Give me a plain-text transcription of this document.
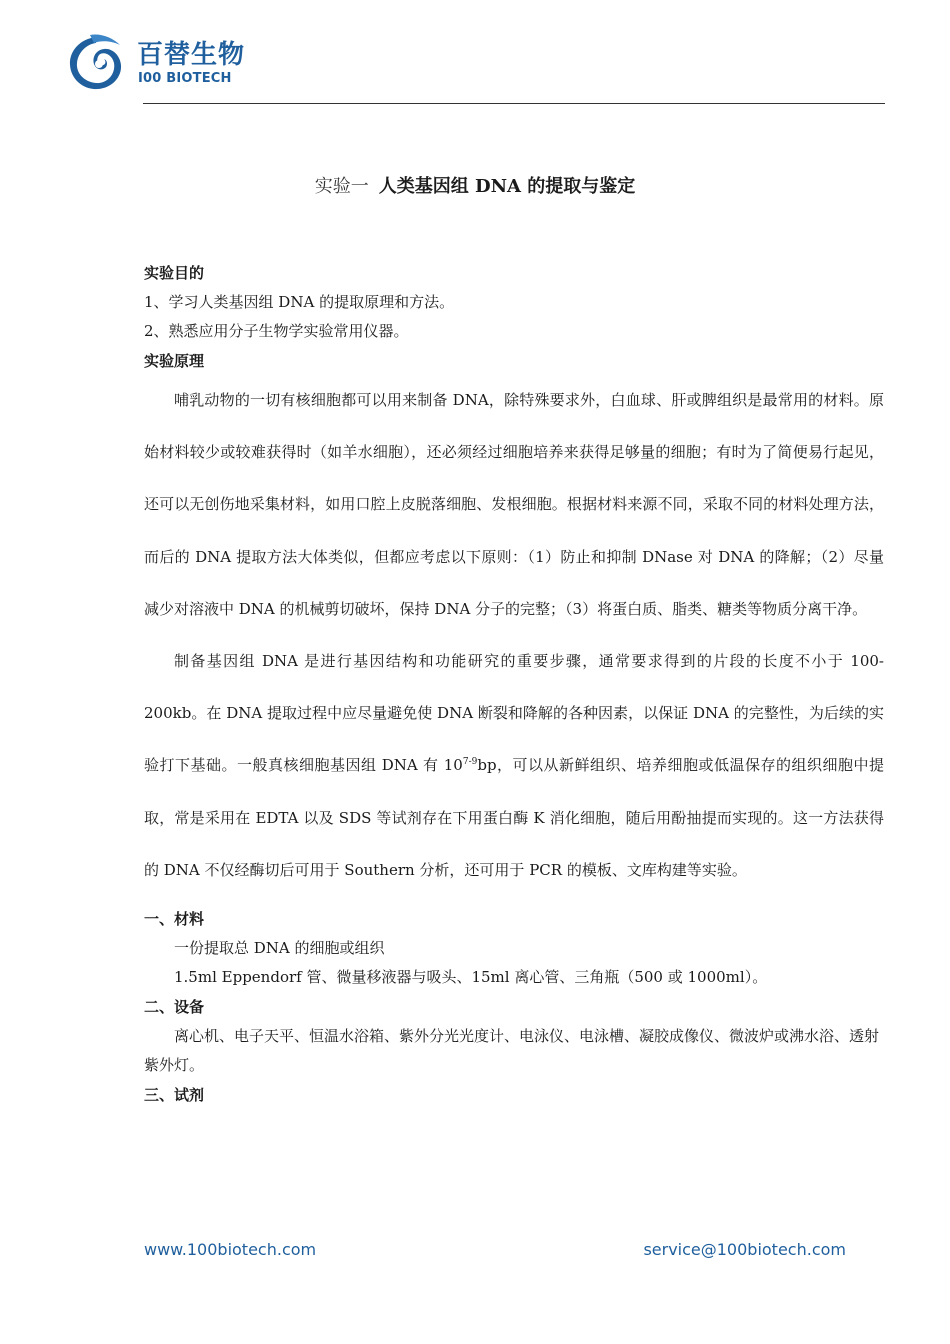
百替生物
I00 BIOTECH
实验一 人类基因组 DNA 的提取与鉴定

实验目的

1、学习人类基因组 DNA 的提取原理和方法。

2、熟悉应用分子生物学实验常用仪器。

实验原理

哺乳动物的一切有核细胞都可以用来制备 DNA，除特殊要求外，白血球、肝或脾组织是最常用的材料。原始材料较少或较难获得时（如羊水细胞），还必须经过细胞培养来获得足够量的细胞；有时为了简便易行起见，还可以无创伤地采集材料，如用口腔上皮脱落细胞、发根细胞。根据材料来源不同，采取不同的材料处理方法，而后的 DNA 提取方法大体类似，但都应考虑以下原则：（1）防止和抑制 DNase 对 DNA 的降解；（2）尽量减少对溶液中 DNA 的机械剪切破坏，保持 DNA 分子的完整；（3）将蛋白质、脂类、糖类等物质分离干净。

制备基因组 DNA 是进行基因结构和功能研究的重要步骤，通常要求得到的片段的长度不小于 100-200kb。在 DNA 提取过程中应尽量避免使 DNA 断裂和降解的各种因素，以保证 DNA 的完整性，为后续的实验打下基础。一般真核细胞基因组 DNA 有 10$^{7-9}$bp，可以从新鲜组织、培养细胞或低温保存的组织细胞中提取，常是采用在 EDTA 以及 SDS 等试剂存在下用蛋白酶 K 消化细胞，随后用酚抽提而实现的。这一方法获得的 DNA 不仅经酶切后可用于 Southern 分析，还可用于 PCR 的模板、文库构建等实验。

一、材料

一份提取总 DNA 的细胞或组织

1.5ml Eppendorf 管、微量移液器与吸头、15ml 离心管、三角瓶（500 或 1000ml）。

二、设备

离心机、电子天平、恒温水浴箱、紫外分光光度计、电泳仪、电泳槽、凝胶成像仪、微波炉或沸水浴、透射紫外灯。

三、试剂

www.100biotech.com	service@100biotech.com
